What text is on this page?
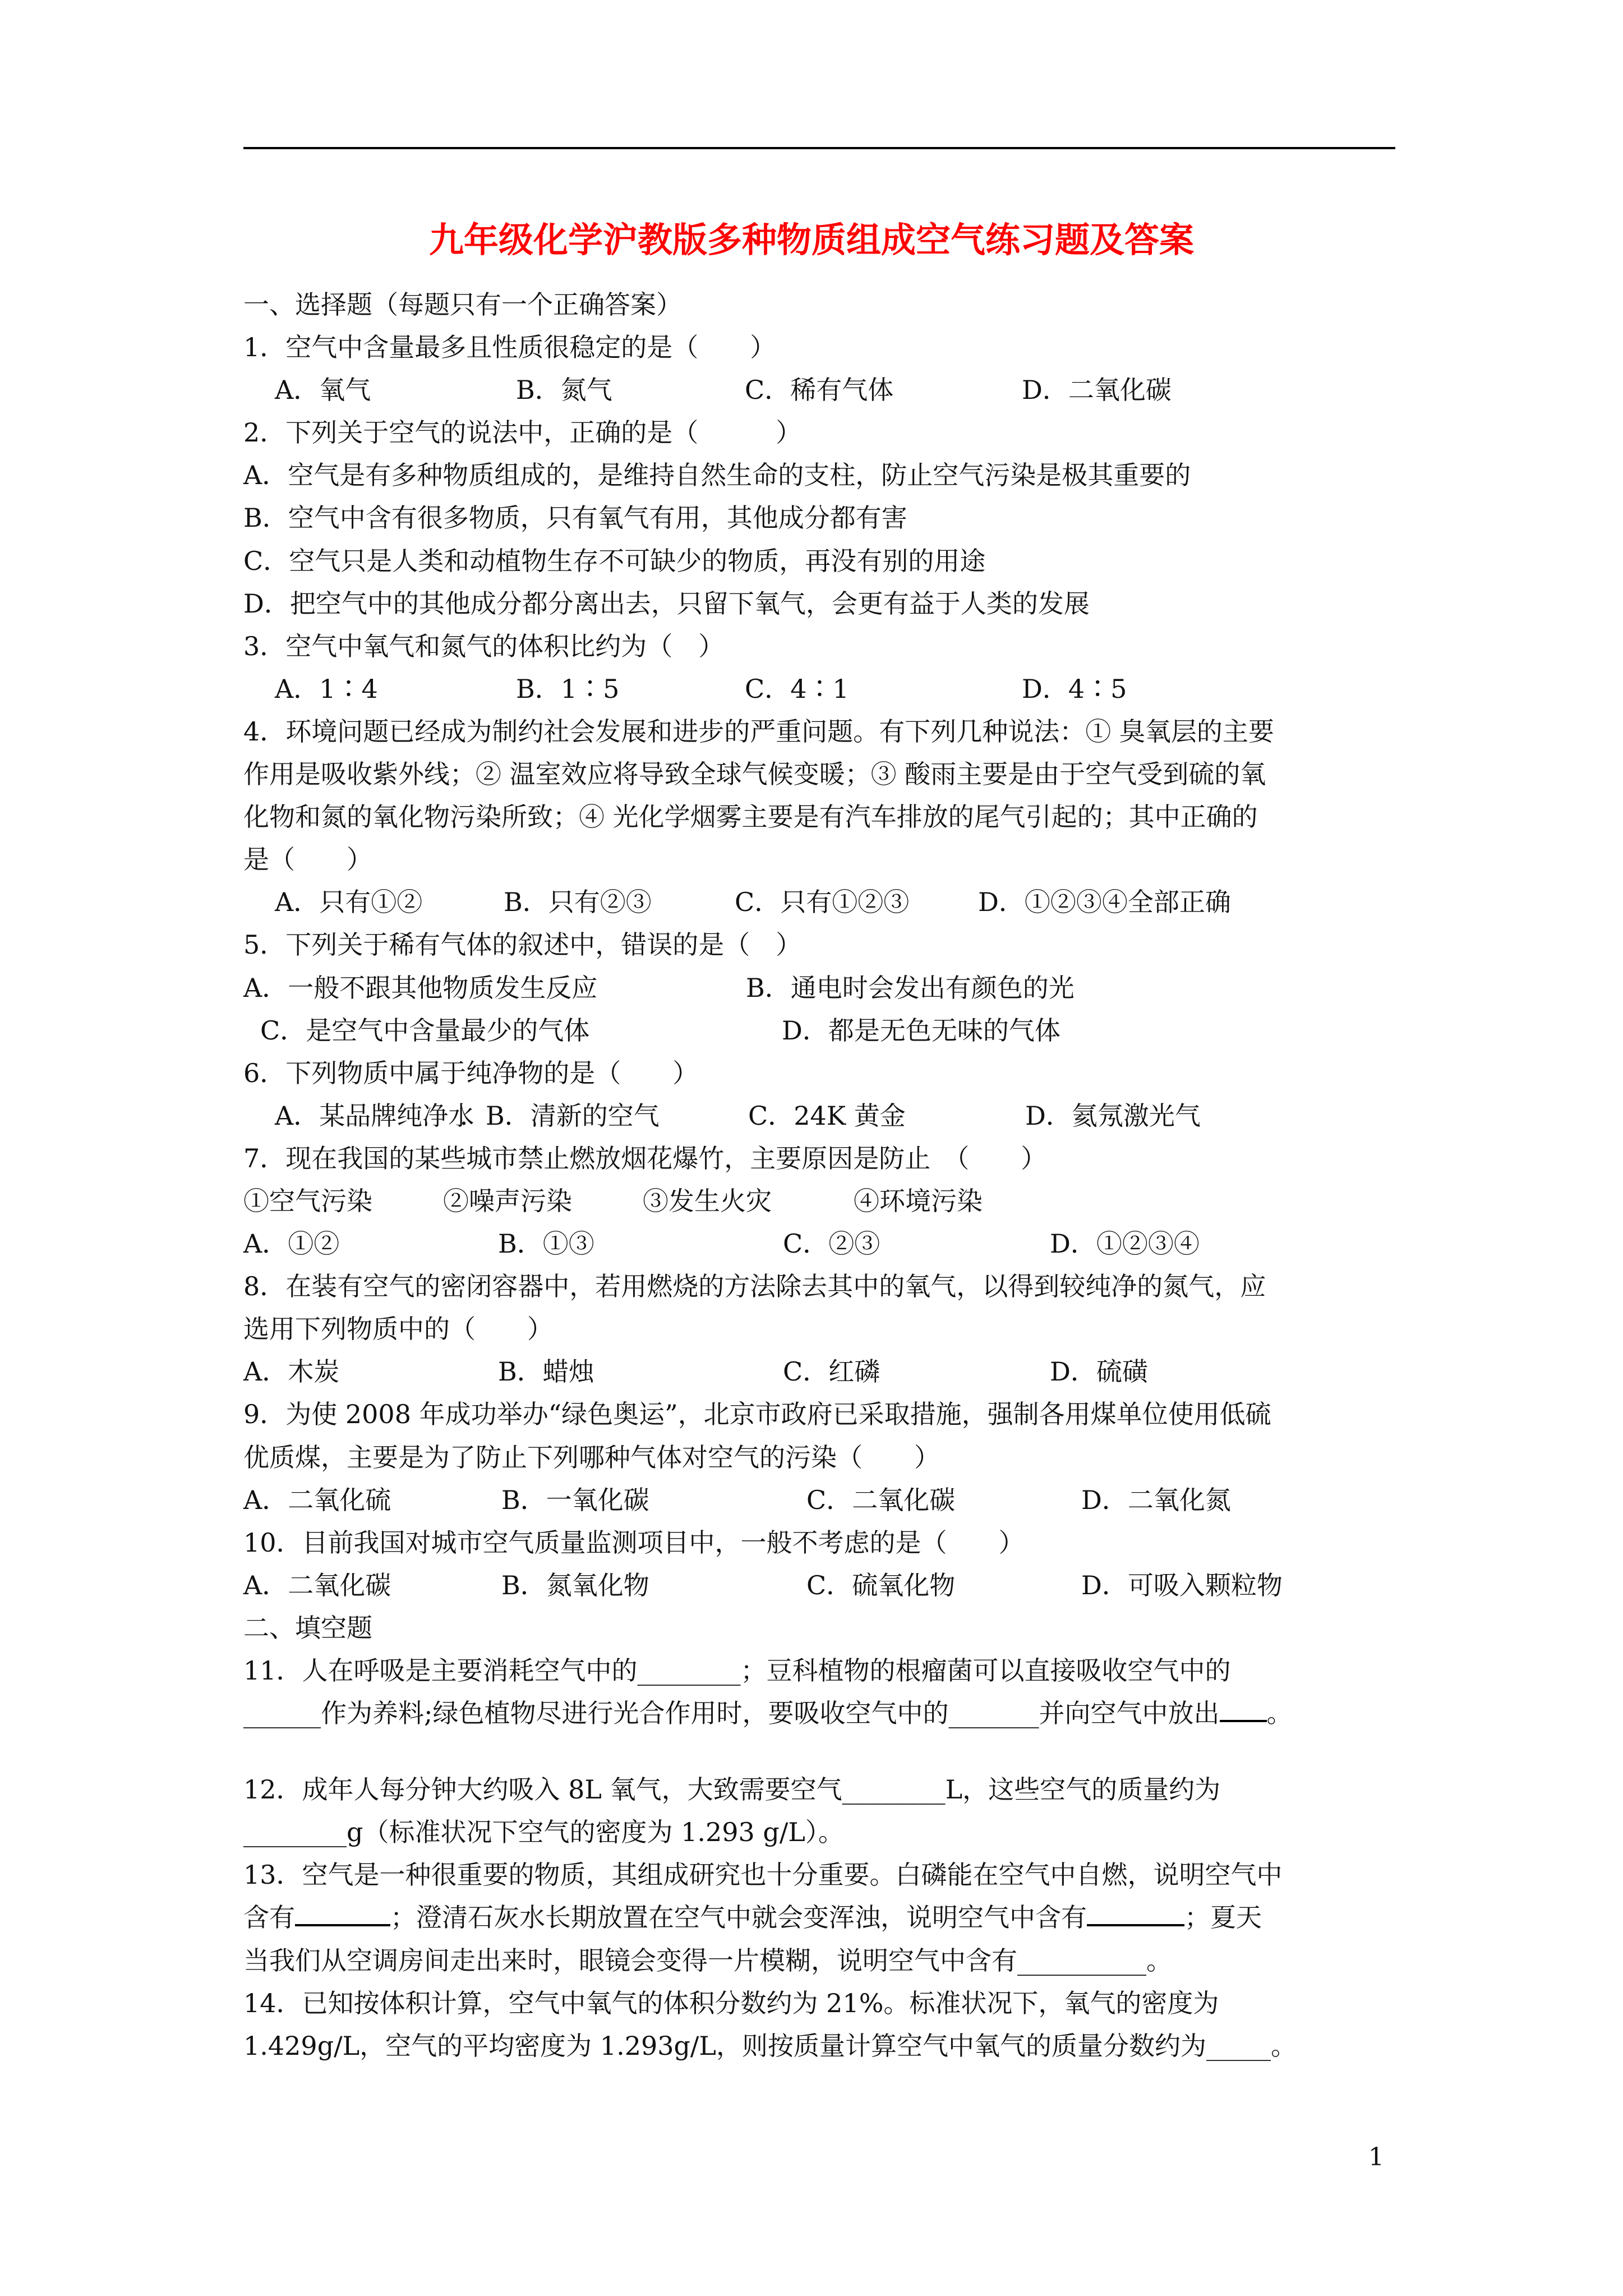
九年级化学沪教版多种物质组成空气练习题及答案
一、选择题（每题只有一个正确答案）
1．空气中含量最多且性质很稳定的是（　　）
A．氧气	B．氮气	C．稀有气体	D．二氧化碳
2．下列关于空气的说法中，正确的是（　　　）
A．空气是有多种物质组成的，是维持自然生命的支柱，防止空气污染是极其重要的
B．空气中含有很多物质，只有氧气有用，其他成分都有害
C．空气只是人类和动植物生存不可缺少的物质，再没有别的用途
D．把空气中的其他成分都分离出去，只留下氧气，会更有益于人类的发展
3．空气中氧气和氮气的体积比约为（　）
A．1∶4	B．1∶5	C．4∶1	D．4∶5
4．环境问题已经成为制约社会发展和进步的严重问题。有下列几种说法：① 臭氧层的主要
作用是吸收紫外线；② 温室效应将导致全球气候变暖；③ 酸雨主要是由于空气受到硫的氧
化物和氮的氧化物污染所致；④ 光化学烟雾主要是有汽车排放的尾气引起的；其中正确的
是（　　）
A．只有①②	B．只有②③	C．只有①②③	D．①②③④全部正确
5．下列关于稀有气体的叙述中，错误的是（　）
A．一般不跟其他物质发生反应	B．通电时会发出有颜色的光
C．是空气中含量最少的气体	D．都是无色无味的气体
6．下列物质中属于纯净物的是（　　）
A．某品牌纯净水
．B．清新的空气	C．24K 黄金	D．氦氖激光气
7．现在我国的某些城市禁止燃放烟花爆竹，主要原因是防止　（　　）
①空气污染	②噪声污染	③发生火灾	④环境污染
A．①②	B．①③	C．②③	D．①②③④
8．在装有空气的密闭容器中，若用燃烧的方法除去其中的氧气，以得到较纯净的氮气，应
选用下列物质中的（　　）
A．木炭	B．蜡烛	C．红磷	D．硫磺
9．为使 2008 年成功举办“绿色奥运”，北京市政府已采取措施，强制各用煤单位使用低硫
优质煤，主要是为了防止下列哪种气体对空气的污染（　　）
A．二氧化硫	B．一氧化碳	C．二氧化碳	D．二氧化氮
10．目前我国对城市空气质量监测项目中，一般不考虑的是（　　）
A．二氧化碳	B．氮氧化物	C．硫氧化物	D．可吸入颗粒物
二、填空题
11．人在呼吸是主要消耗空气中的________；豆科植物的根瘤菌可以直接吸收空气中的
______作为养料;绿色植物尽进行光合作用时，要吸收空气中的_______并向空气中放出 。
12．成年人每分钟大约吸入 8L 氧气，大致需要空气________L，这些空气的质量约为
________g（标准状况下空气的密度为 1.293 g/L）。
13．空气是一种很重要的物质，其组成研究也十分重要。白磷能在空气中自燃，说明空气中
含有	；澄清石灰水长期放置在空气中就会变浑浊，说明空气中含有	；夏天
当我们从空调房间走出来时，眼镜会变得一片模糊，说明空气中含有__________。
14．已知按体积计算，空气中氧气的体积分数约为 21%。标准状况下，氧气的密度为
1.429g/L，空气的平均密度为 1.293g/L，则按质量计算空气中氧气的质量分数约为_____。
1
